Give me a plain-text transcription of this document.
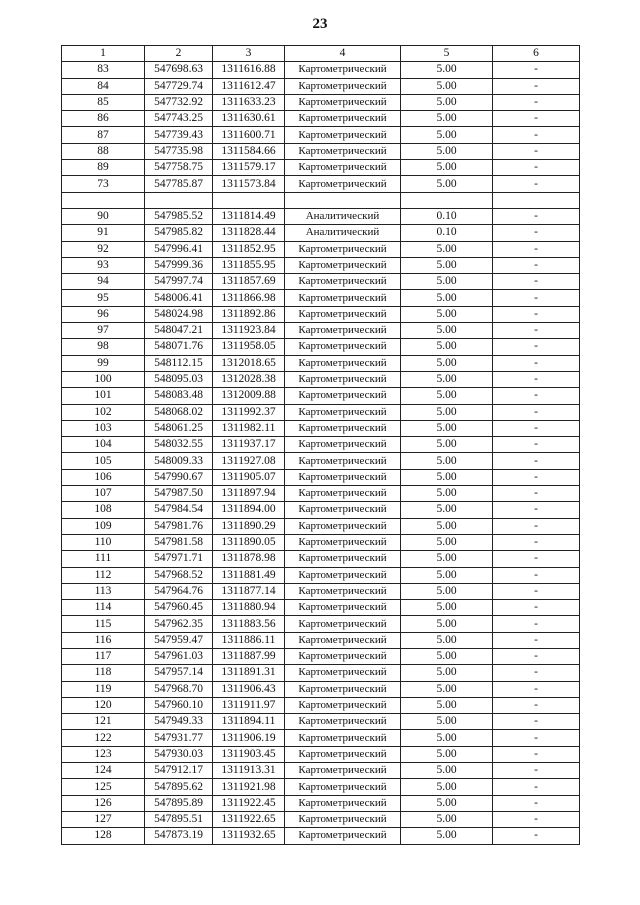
23
1	2	3	4	5	6
83	547698.63	1311616.88	Картометрический	5.00	-
84	547729.74	1311612.47	Картометрический	5.00	-
85	547732.92	1311633.23	Картометрический	5.00	-
86	547743.25	1311630.61	Картометрический	5.00	-
87	547739.43	1311600.71	Картометрический	5.00	-
88	547735.98	1311584.66	Картометрический	5.00	-
89	547758.75	1311579.17	Картометрический	5.00	-
73	547785.87	1311573.84	Картометрический	5.00	-

90	547985.52	1311814.49	Аналитический	0.10	-
91	547985.82	1311828.44	Аналитический	0.10	-
92	547996.41	1311852.95	Картометрический	5.00	-
93	547999.36	1311855.95	Картометрический	5.00	-
94	547997.74	1311857.69	Картометрический	5.00	-
95	548006.41	1311866.98	Картометрический	5.00	-
96	548024.98	1311892.86	Картометрический	5.00	-
97	548047.21	1311923.84	Картометрический	5.00	-
98	548071.76	1311958.05	Картометрический	5.00	-
99	548112.15	1312018.65	Картометрический	5.00	-
100	548095.03	1312028.38	Картометрический	5.00	-
101	548083.48	1312009.88	Картометрический	5.00	-
102	548068.02	1311992.37	Картометрический	5.00	-
103	548061.25	1311982.11	Картометрический	5.00	-
104	548032.55	1311937.17	Картометрический	5.00	-
105	548009.33	1311927.08	Картометрический	5.00	-
106	547990.67	1311905.07	Картометрический	5.00	-
107	547987.50	1311897.94	Картометрический	5.00	-
108	547984.54	1311894.00	Картометрический	5.00	-
109	547981.76	1311890.29	Картометрический	5.00	-
110	547981.58	1311890.05	Картометрический	5.00	-
111	547971.71	1311878.98	Картометрический	5.00	-
112	547968.52	1311881.49	Картометрический	5.00	-
113	547964.76	1311877.14	Картометрический	5.00	-
114	547960.45	1311880.94	Картометрический	5.00	-
115	547962.35	1311883.56	Картометрический	5.00	-
116	547959.47	1311886.11	Картометрический	5.00	-
117	547961.03	1311887.99	Картометрический	5.00	-
118	547957.14	1311891.31	Картометрический	5.00	-
119	547968.70	1311906.43	Картометрический	5.00	-
120	547960.10	1311911.97	Картометрический	5.00	-
121	547949.33	1311894.11	Картометрический	5.00	-
122	547931.77	1311906.19	Картометрический	5.00	-
123	547930.03	1311903.45	Картометрический	5.00	-
124	547912.17	1311913.31	Картометрический	5.00	-
125	547895.62	1311921.98	Картометрический	5.00	-
126	547895.89	1311922.45	Картометрический	5.00	-
127	547895.51	1311922.65	Картометрический	5.00	-
128	547873.19	1311932.65	Картометрический	5.00	-
